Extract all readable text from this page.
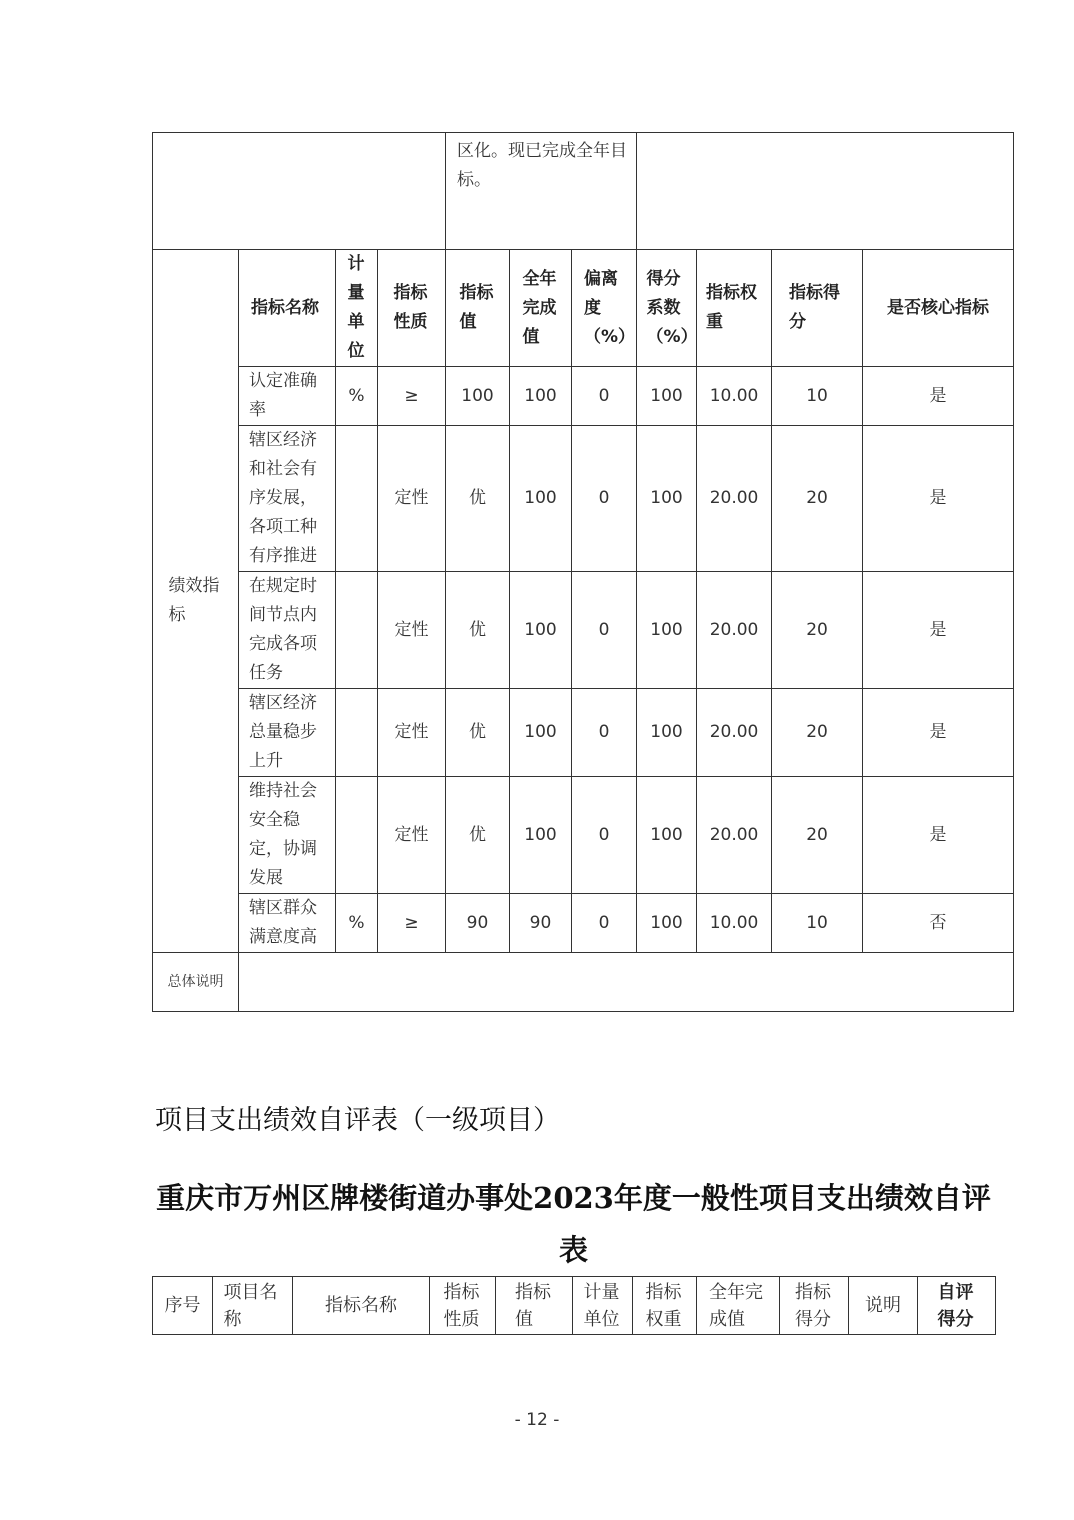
				区化。现已完成全年目标。						
绩效指标	指标名称	计量单位	指标性质	指标值	全年完成值	偏离度（%）	得分系数（%）	指标权重	指标得分	是否核心指标
	认定准确率	%	≥	100	100	0	100	10.00	10	是
	辖区经济和社会有序发展，各项工种有序推进		定性	优	100	0	100	20.00	20	是
	在规定时间节点内完成各项任务		定性	优	100	0	100	20.00	20	是
	辖区经济总量稳步上升		定性	优	100	0	100	20.00	20	是
	维持社会安全稳定，协调发展		定性	优	100	0	100	20.00	20	是
	辖区群众满意度高	%	≥	90	90	0	100	10.00	10	否
总体说明										
项目支出绩效自评表（一级项目）
重庆市万州区牌楼街道办事处2023年度一般性项目支出绩效自评表
序号	项目名称	指标名称	指标性质	指标值	计量单位	指标权重	全年完成值	指标得分	说明	自评得分
- 12 -
